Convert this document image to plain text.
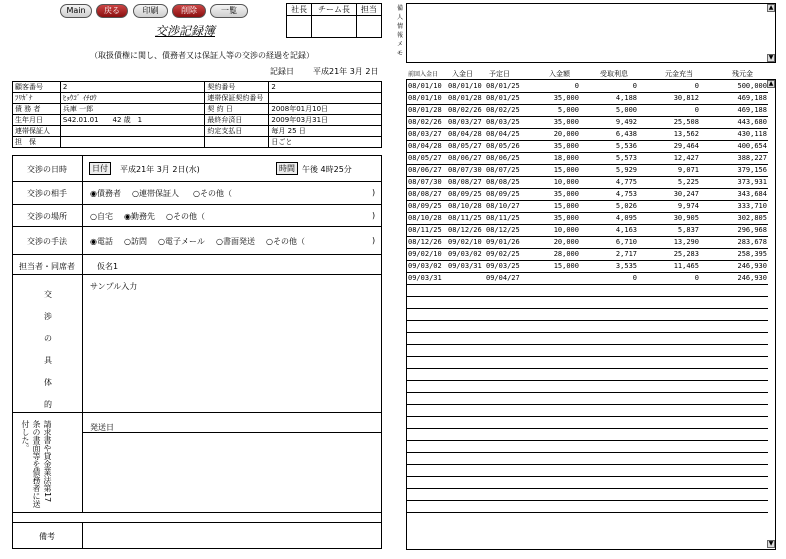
Main	戻る	印刷	削除	一覧	社長	チーム長	担当

交渉記録簿
（取扱債権に関し、債務者又は保証人等の交渉の経過を記録）
記録日 平成21年 3月 2日
備
人
情
報
メ
モ
▲
▼
顧客番号	2	契約番号	2
ﾌﾘｶﾞﾅ	ﾋｮｳｺﾞ ｲﾁﾛｳ	連帯保証契約番号	
債 務 者	兵庫 一郎	契 約 日	2008年01月10日
生年月日	S42.01.01　　42 歳　1	最終弁済日	2009年03月31日
連帯保証人		約定支払日	毎月 25 日
担　保			日ごと
交渉の日時	日付	平成21年 3月 2日(水)	時間 午後 4時25分
交渉の相手	◉債務者 ○連帯保証人 ○その他（	)
交渉の場所	○自宅 ◉勤務先 ○その他（	)
交渉の手法	◉電話 ○訪問 ○電子メール ○書面発送 ○その他（	)
担当者・同席者	仮名1
交
渉
の
具
体
的
サンプル入力
請求書や貸金業法第17条の書面等を債務者に送付した。	発送日
備考
前回入金日 入金日 予定日	入金額	受取利息	元金充当	残元金
08/01/10	08/01/10	08/01/25	0	0	0	500,000
08/01/10	08/01/28	08/01/25	35,000	4,188	30,812	469,188
08/01/28	08/02/26	08/02/25	5,000	5,000	0	469,188
08/02/26	08/03/27	08/03/25	35,000	9,492	25,508	443,680
08/03/27	08/04/28	08/04/25	20,000	6,438	13,562	430,118
08/04/28	08/05/27	08/05/26	35,000	5,536	29,464	400,654
08/05/27	08/06/27	08/06/25	18,000	5,573	12,427	388,227
08/06/27	08/07/30	08/07/25	15,000	5,929	9,071	379,156
08/07/30	08/08/27	08/08/25	10,000	4,775	5,225	373,931
08/08/27	08/09/25	08/09/25	35,000	4,753	30,247	343,684
08/09/25	08/10/28	08/10/27	15,000	5,026	9,974	333,710
08/10/28	08/11/25	08/11/25	35,000	4,095	30,905	302,805
08/11/25	08/12/26	08/12/25	10,000	4,163	5,837	296,968
08/12/26	09/02/10	09/01/26	20,000	6,710	13,290	283,678
09/02/10	09/03/02	09/02/25	28,000	2,717	25,283	258,395
09/03/02	09/03/31	09/03/25	15,000	3,535	11,465	246,930
09/03/31		09/04/27		0	0	246,930

▲
▼
